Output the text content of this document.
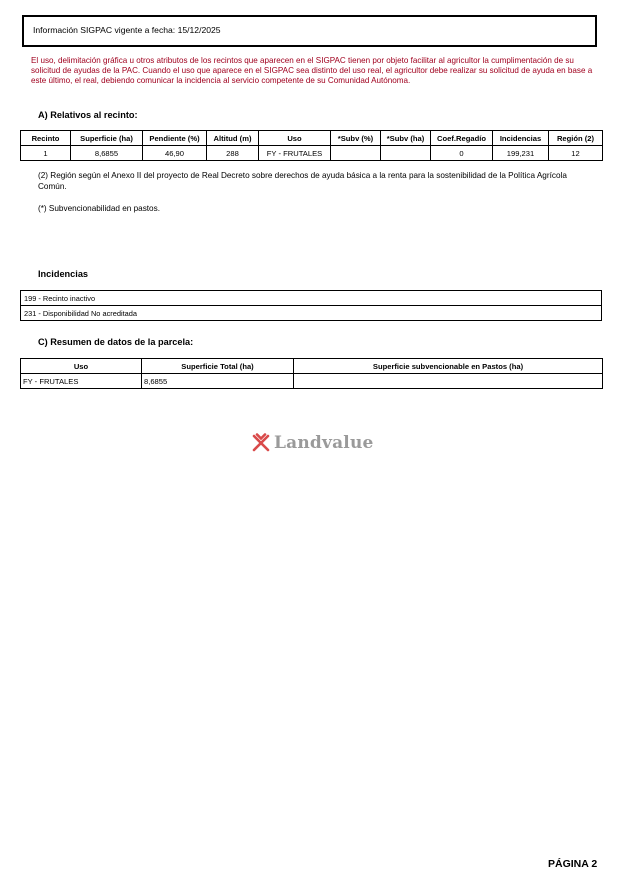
Información SIGPAC vigente a fecha: 15/12/2025
El uso, delimitación gráfica u otros atributos de los recintos que aparecen en el SIGPAC tienen por objeto facilitar al agricultor la cumplimentación de su solicitud de ayudas de la PAC. Cuando el uso que aparece en el SIGPAC sea distinto del uso real, el agricultor debe realizar su solicitud de ayuda en base a este último, el real, debiendo comunicar la incidencia al servicio competente de su Comunidad Autónoma.
A) Relativos al recinto:
Recinto	Superficie (ha)	Pendiente (%)	Altitud (m)	Uso	*Subv (%)	*Subv (ha)	Coef.Regadío	Incidencias	Región (2)
1	8,6855	46,90	288	FY - FRUTALES			0	199,231	12
(2) Región según el Anexo II del proyecto de Real Decreto sobre derechos de ayuda básica a la renta para la sostenibilidad de la Política Agrícola Común.
(*) Subvencionabilidad en pastos.
Incidencias
199 - Recinto inactivo
231 - Disponibilidad No acreditada
C) Resumen de datos de la parcela:
Uso	Superficie Total (ha)	Superficie subvencionable en Pastos (ha)
FY - FRUTALES	8,6855	
Landvalue
PÁGINA 2
